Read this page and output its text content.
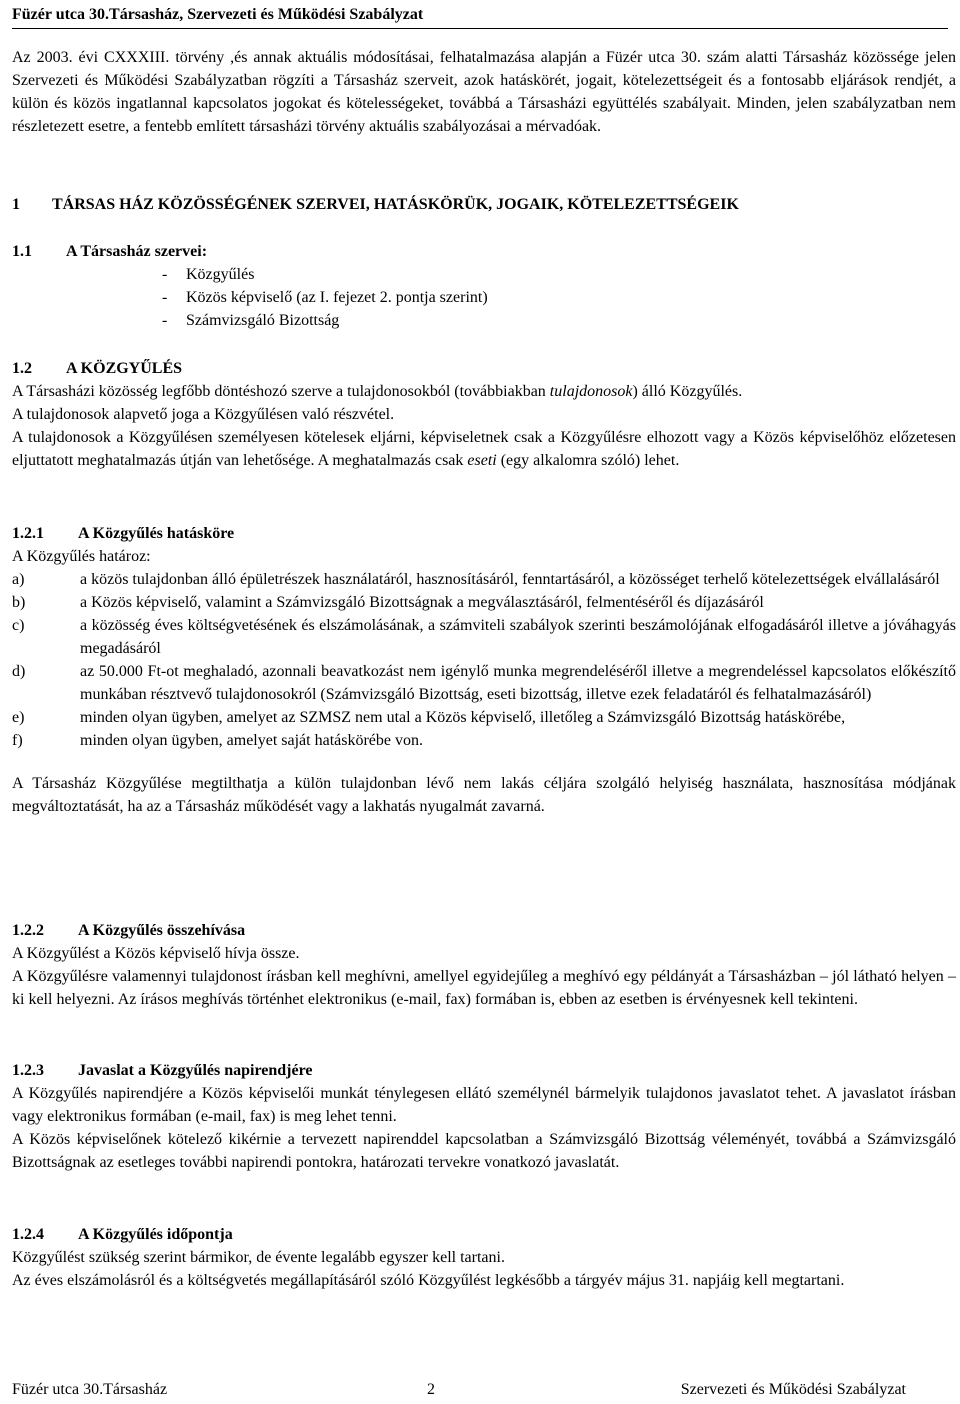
Füzér utca 30.Társasház, Szervezeti és Működési Szabályzat

Az 2003. évi CXXXIII. törvény ,és annak aktuális módosításai, felhatalmazása alapján a Füzér utca 30. szám alatti Társasház közössége jelen Szervezeti és Működési Szabályzatban rögzíti a Társasház szerveit, azok hatáskörét, jogait, kötelezettségeit és a fontosabb eljárások rendjét, a külön és közös ingatlannal kapcsolatos jogokat és kötelességeket, továbbá a Társasházi együttélés szabályait. Minden, jelen szabályzatban nem részletezett esetre, a fentebb említett társasházi törvény aktuális szabályozásai a mérvadóak.

1 TÁRSAS HÁZ KÖZÖSSÉGÉNEK SZERVEI, HATÁSKÖRÜK, JOGAIK, KÖTELEZETTSÉGEIK
1.1 A Társasház szervei:
- Közgyűlés
- Közös képviselő (az I. fejezet 2. pontja szerint)
- Számvizsgáló Bizottság
1.2 A KÖZGYŰLÉS

A Társasházi közösség legfőbb döntéshozó szerve a tulajdonosokból (továbbiakban tulajdonosok) álló Közgyűlés.

A tulajdonosok alapvető joga a Közgyűlésen való részvétel.

A tulajdonosok a Közgyűlésen személyesen kötelesek eljárni, képviseletnek csak a Közgyűlésre elhozott vagy a Közös képviselőhöz előzetesen eljuttatott meghatalmazás útján van lehetősége. A meghatalmazás csak eseti (egy alkalomra szóló) lehet.

1.2.1 A Közgyűlés hatásköre

A Közgyűlés határoz:

a)	a közös tulajdonban álló épületrészek használatáról, hasznosításáról, fenntartásáról, a közösséget terhelő kötelezettségek elvállalásáról
b)	a Közös képviselő, valamint a Számvizsgáló Bizottságnak a megválasztásáról, felmentéséről és díjazásáról
c)	a közösség éves költségvetésének és elszámolásának, a számviteli szabályok szerinti beszámolójának elfogadásáról illetve a jóváhagyás megadásáról
d)	az 50.000 Ft-ot meghaladó, azonnali beavatkozást nem igénylő munka megrendeléséről illetve a megrendeléssel kapcsolatos előkészítő munkában résztvevő tulajdonosokról (Számvizsgáló Bizottság, eseti bizottság, illetve ezek feladatáról és felhatalmazásáról)
e)	minden olyan ügyben, amelyet az SZMSZ nem utal a Közös képviselő, illetőleg a Számvizsgáló Bizottság hatáskörébe,
f)	minden olyan ügyben, amelyet saját hatáskörébe von.

A Társasház Közgyűlése megtilthatja a külön tulajdonban lévő nem lakás céljára szolgáló helyiség használata, hasznosítása módjának megváltoztatását, ha az a Társasház működését vagy a lakhatás nyugalmát zavarná.

1.2.2 A Közgyűlés összehívása

A Közgyűlést a Közös képviselő hívja össze.

A Közgyűlésre valamennyi tulajdonost írásban kell meghívni, amellyel egyidejűleg a meghívó egy példányát a Társasházban – jól látható helyen – ki kell helyezni. Az írásos meghívás történhet elektronikus (e-mail, fax) formában is, ebben az esetben is érvényesnek kell tekinteni.

1.2.3 Javaslat a Közgyűlés napirendjére

A Közgyűlés napirendjére a Közös képviselői munkát ténylegesen ellátó személynél bármelyik tulajdonos javaslatot tehet. A javaslatot írásban vagy elektronikus formában (e-mail, fax) is meg lehet tenni.

A Közös képviselőnek kötelező kikérnie a tervezett napirenddel kapcsolatban a Számvizsgáló Bizottság véleményét, továbbá a Számvizsgáló Bizottságnak az esetleges további napirendi pontokra, határozati tervekre vonatkozó javaslatát.

1.2.4 A Közgyűlés időpontja

Közgyűlést szükség szerint bármikor, de évente legalább egyszer kell tartani.

Az éves elszámolásról és a költségvetés megállapításáról szóló Közgyűlést legkésőbb a tárgyév május 31. napjáig kell megtartani.

Füzér utca 30.Társasház	2	Szervezeti és Működési Szabályzat
